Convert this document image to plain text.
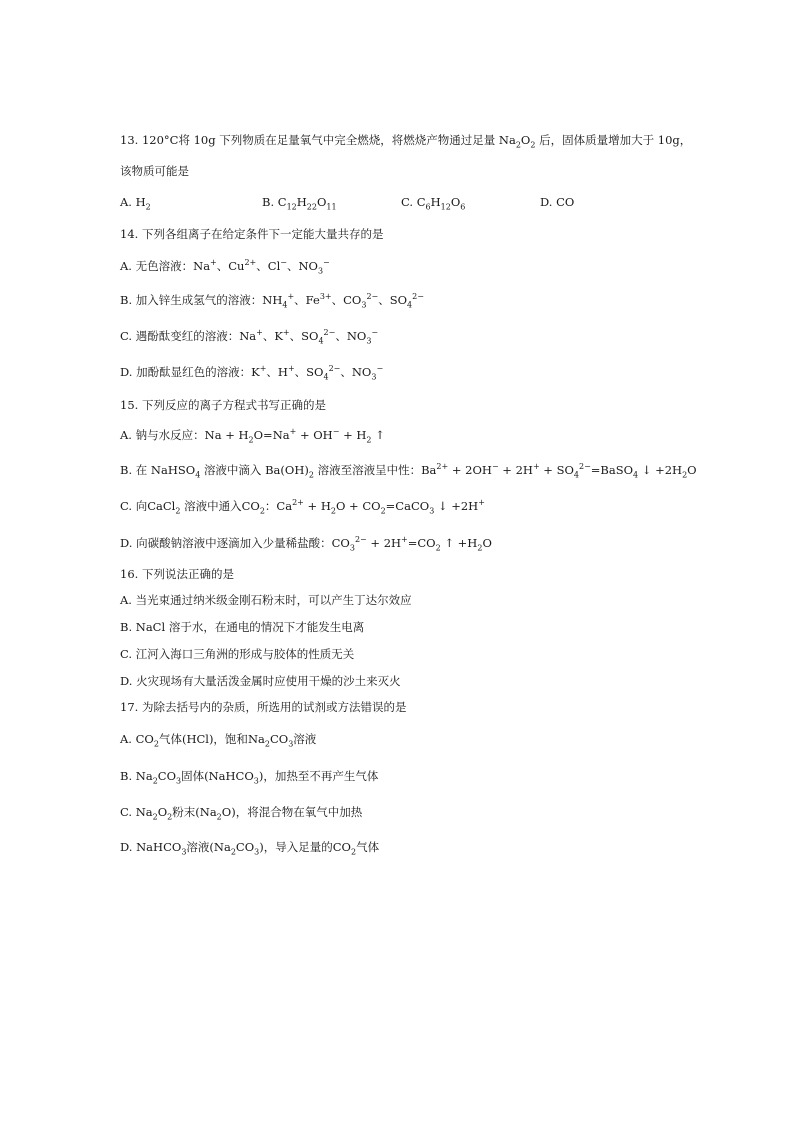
13. 120°C将 10g 下列物质在足量氧气中完全燃烧，将燃烧产物通过足量 $Na_2O_2$ 后，固体质量增加大于 10g，
该物质可能是
A. $H_2$	B. $C_{12}H_{22}O_{11}$	C. $C_6H_{12}O_6$	D. CO
14. 下列各组离子在给定条件下一定能大量共存的是
A. 无色溶液：Na+、$Cu^{2+}$、Cl−、$NO_3^-$
B. 加入锌生成氢气的溶液：$NH_4^+$、$Fe^{3+}$、$CO_3^{2-}$、$SO_4^{2-}$
C. 遇酚酞变红的溶液：Na+、K+、$SO_4^{2-}$、$NO_3^-$
D. 加酚酞显红色的溶液：K+、H+、$SO_4^{2-}$、$NO_3^-$
15. 下列反应的离子方程式书写正确的是
A. 钠与水反应：$Na + H_2O=Na^+ + OH^- + H_2$ ↑
B. 在 NaHSO$_4$ 溶液中滴入 $Ba(OH)_2$ 溶液至溶液呈中性：$Ba^{2+} + 2OH^- + 2H^+$ + $SO_4^{2-}=BaSO_4$ ↓ $+2H_2O$
C. 向CaCl$_2$ 溶液中通入$CO_2$：$Ca^{2+} + H_2O$ + $CO_2=CaCO_3$ ↓ +2H+
D. 向碳酸钠溶液中逐滴加入少量稀盐酸：$CO_3^{2-} + 2H^+=CO_2$ ↑ $+H_2O$
16. 下列说法正确的是
A. 当光束通过纳米级金刚石粉末时，可以产生丁达尔效应
B. NaCl 溶于水，在通电的情况下才能发生电离
C. 江河入海口三角洲的形成与胶体的性质无关
D. 火灾现场有大量活泼金属时应使用干燥的沙土来灭火
17. 为除去括号内的杂质，所选用的试剂或方法错误的是
A. $CO_2$气体(HCl)，饱和$Na_2CO_3$溶液
B. $Na_2CO_3$固体(NaHCO$_3$)，加热至不再产生气体
C. $Na_2O_2$粉末$(Na_2O)$，将混合物在氧气中加热
D. NaHCO$_3$溶液$(Na_2CO_3)$，导入足量的$CO_2$气体
